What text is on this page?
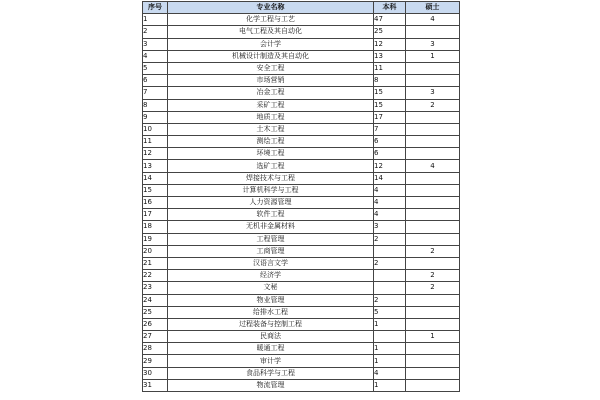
序号	专业名称	本科	硕士
1	化学工程与工艺	47	4
2	电气工程及其自动化	25	
3	会计学	12	3
4	机械设计制造及其自动化	13	1
5	安全工程	11	
6	市场营销	8	
7	冶金工程	15	3
8	采矿工程	15	2
9	地质工程	17	
10	土木工程	7	
11	测绘工程	6	
12	环境工程	6	
13	选矿工程	12	4
14	焊接技术与工程	14	
15	计算机科学与工程	4	
16	人力资源管理	4	
17	软件工程	4	
18	无机非金属材料	3	
19	工程管理	2	
20	工商管理		2
21	汉语言文学	2	
22	经济学		2
23	文秘		2
24	物业管理	2	
25	给排水工程	5	
26	过程装备与控制工程	1	
27	民商法		1
28	暖通工程	1	
29	审计学	1	
30	食品科学与工程	4	
31	物流管理	1	
